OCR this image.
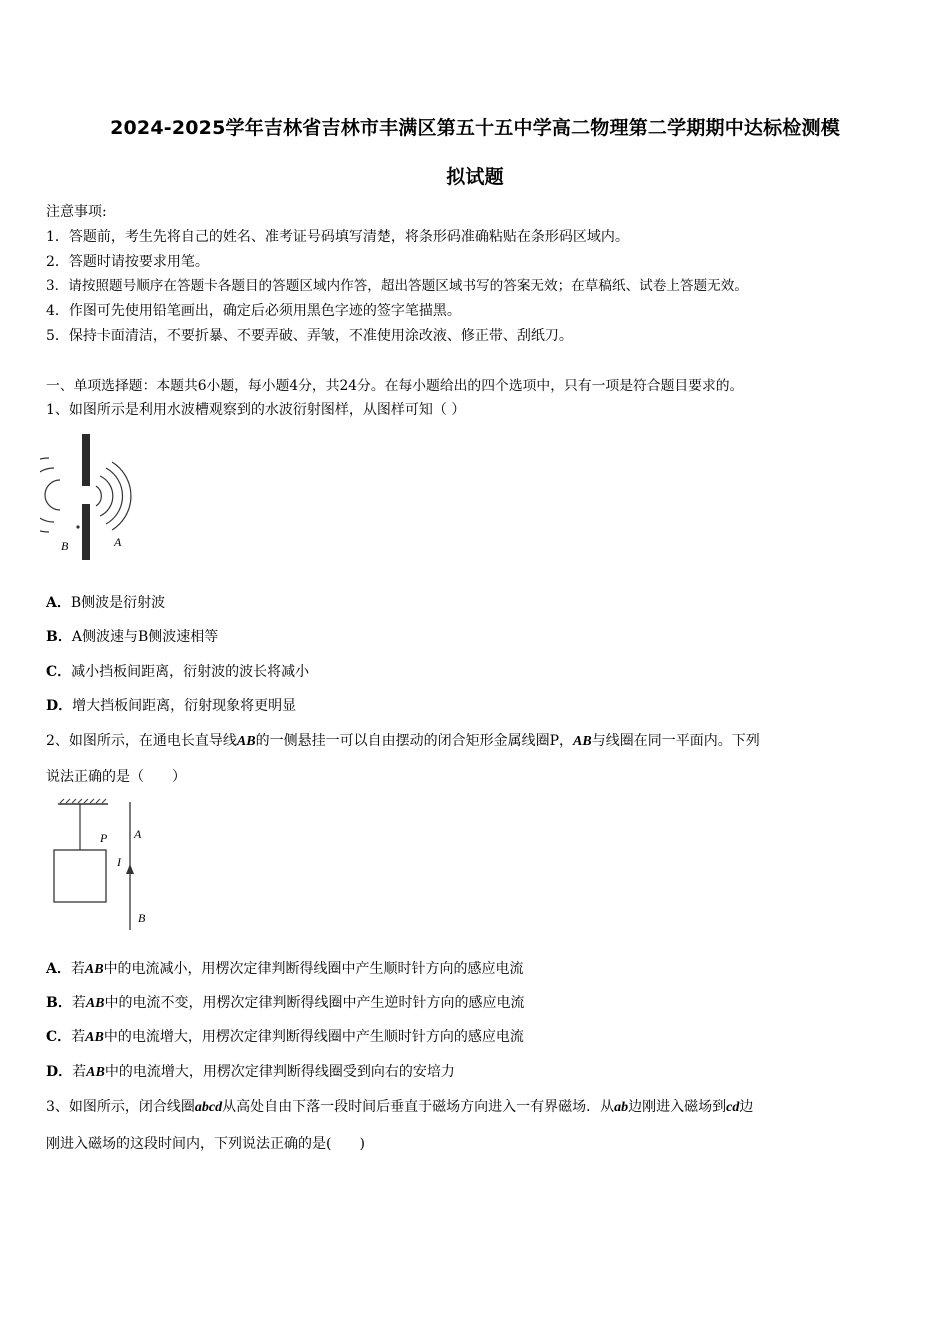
2024-2025学年吉林省吉林市丰满区第五十五中学高二物理第二学期期中达标检测模
拟试题
注意事项:
1．答题前，考生先将自己的姓名、准考证号码填写清楚，将条形码准确粘贴在条形码区域内。
2．答题时请按要求用笔。
3．请按照题号顺序在答题卡各题目的答题区域内作答，超出答题区域书写的答案无效；在草稿纸、试卷上答题无效。
4．作图可先使用铅笔画出，确定后必须用黑色字迹的签字笔描黑。
5．保持卡面清洁，不要折暴、不要弄破、弄皱，不准使用涂改液、修正带、刮纸刀。
一、单项选择题：本题共6小题，每小题4分，共24分。在每小题给出的四个选项中，只有一项是符合题目要求的。
1、如图所示是利用水波槽观察到的水波衍射图样，从图样可知（ ）
B	A
A．B侧波是衍射波
B．A侧波速与B侧波速相等
C．减小挡板间距离，衍射波的波长将减小
D．增大挡板间距离，衍射现象将更明显
2、如图所示，在通电长直导线AB的一侧悬挂一可以自由摆动的闭合矩形金属线圈P，AB与线圈在同一平面内。下列
说法正确的是（　　）
P A
I
B
A．若AB中的电流减小，用楞次定律判断得线圈中产生顺时针方向的感应电流
B．若AB中的电流不变，用楞次定律判断得线圈中产生逆时针方向的感应电流
C．若AB中的电流增大，用楞次定律判断得线圈中产生顺时针方向的感应电流
D．若AB中的电流增大，用楞次定律判断得线圈受到向右的安培力
3、如图所示，闭合线圈abcd从高处自由下落一段时间后垂直于磁场方向进入一有界磁场．从ab边刚进入磁场到cd边
刚进入磁场的这段时间内，下列说法正确的是(　　)
